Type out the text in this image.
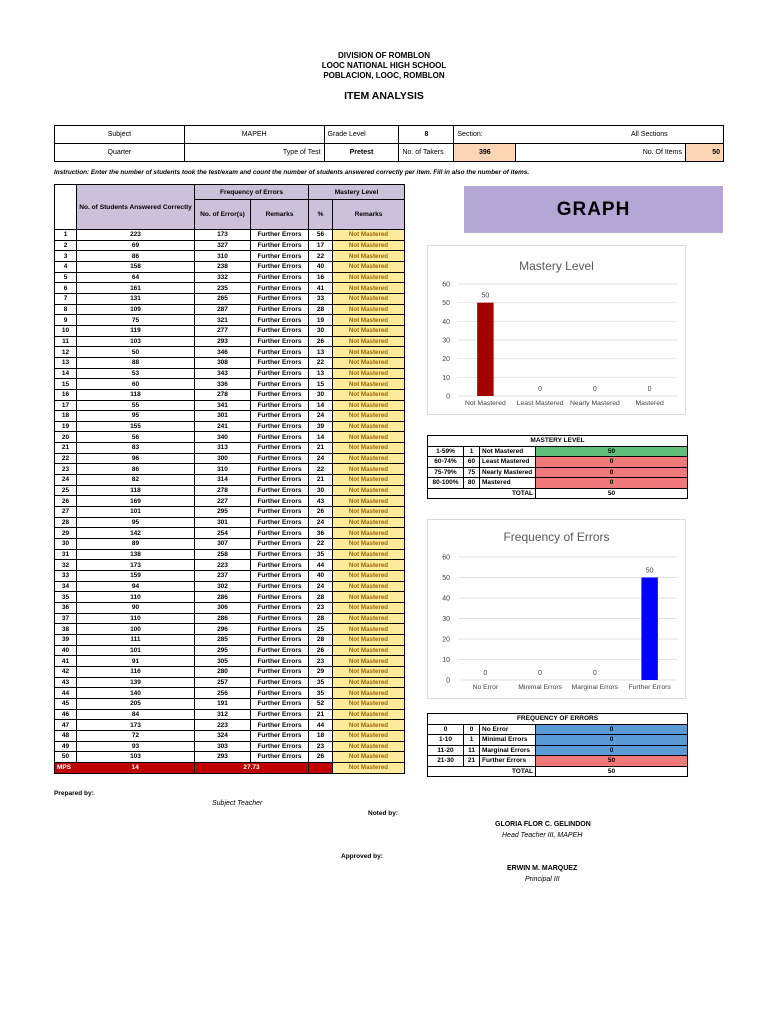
DIVISION OF ROMBLON
LOOC NATIONAL HIGH SCHOOL
POBLACION, LOOC, ROMBLON
ITEM ANALYSIS
Subject	MAPEH	Grade Level	8	Section:		All Sections	
Quarter	Type of Test	Pretest	No. of Takers	396	No. Of Items		50
Instruction: Enter the number of students took the test/exam and count the number of students answered correctly per item. Fill in also the number of items.
	No. of Students Answered Correctly	Frequency of Errors		Mastery Level	
		No. of Error(s)	Remarks	%	Remarks
1	223	173	Further Errors	56	Not Mastered
2	69	327	Further Errors	17	Not Mastered
3	86	310	Further Errors	22	Not Mastered
4	158	238	Further Errors	40	Not Mastered
5	64	332	Further Errors	16	Not Mastered
6	161	235	Further Errors	41	Not Mastered
7	131	265	Further Errors	33	Not Mastered
8	109	287	Further Errors	28	Not Mastered
9	75	321	Further Errors	19	Not Mastered
10	119	277	Further Errors	30	Not Mastered
11	103	293	Further Errors	26	Not Mastered
12	50	346	Further Errors	13	Not Mastered
13	88	308	Further Errors	22	Not Mastered
14	53	343	Further Errors	13	Not Mastered
15	60	336	Further Errors	15	Not Mastered
16	118	278	Further Errors	30	Not Mastered
17	55	341	Further Errors	14	Not Mastered
18	95	301	Further Errors	24	Not Mastered
19	155	241	Further Errors	39	Not Mastered
20	56	340	Further Errors	14	Not Mastered
21	83	313	Further Errors	21	Not Mastered
22	96	300	Further Errors	24	Not Mastered
23	86	310	Further Errors	22	Not Mastered
24	82	314	Further Errors	21	Not Mastered
25	118	278	Further Errors	30	Not Mastered
26	169	227	Further Errors	43	Not Mastered
27	101	295	Further Errors	26	Not Mastered
28	95	301	Further Errors	24	Not Mastered
29	142	254	Further Errors	36	Not Mastered
30	89	307	Further Errors	22	Not Mastered
31	138	258	Further Errors	35	Not Mastered
32	173	223	Further Errors	44	Not Mastered
33	159	237	Further Errors	40	Not Mastered
34	94	302	Further Errors	24	Not Mastered
35	110	286	Further Errors	28	Not Mastered
36	90	306	Further Errors	23	Not Mastered
37	110	286	Further Errors	28	Not Mastered
38	100	296	Further Errors	25	Not Mastered
39	111	285	Further Errors	28	Not Mastered
40	101	295	Further Errors	26	Not Mastered
41	91	305	Further Errors	23	Not Mastered
42	116	280	Further Errors	29	Not Mastered
43	139	257	Further Errors	35	Not Mastered
44	140	256	Further Errors	35	Not Mastered
45	205	191	Further Errors	52	Not Mastered
46	84	312	Further Errors	21	Not Mastered
47	173	223	Further Errors	44	Not Mastered
48	72	324	Further Errors	18	Not Mastered
49	93	303	Further Errors	23	Not Mastered
50	103	293	Further Errors	26	Not Mastered
MPS	14	27.73			Not Mastered
GRAPH
Mastery Level
0
10
20
30
40
50
60
50
Not Mastered
0
Least Mastered
0
Nearly Mastered
0
Mastered
MASTERY LEVEL			
1-59%	1	Not Mastered	50
60-74%	60	Least Mastered	0
75-79%	75	Nearly Mastered	0
80-100%	80	Mastered	0
TOTAL			50
Frequency of Errors
0
10
20
30
40
50
60
0
No Error
0
Minimal Errors
0
Marginal Errors
50
Further Errors
FREQUENCY OF ERRORS			
0	0	No Error	0
1-10	1	Minimal Errors	0
11-20	11	Marginal Errors	0
21-30	21	Further Errors	50
TOTAL			50
Prepared by:
Subject Teacher
Noted by:
GLORIA FLOR C. GELINDON
Head Teacher III, MAPEH
Approved by:
ERWIN M. MARQUEZ
Principal III
